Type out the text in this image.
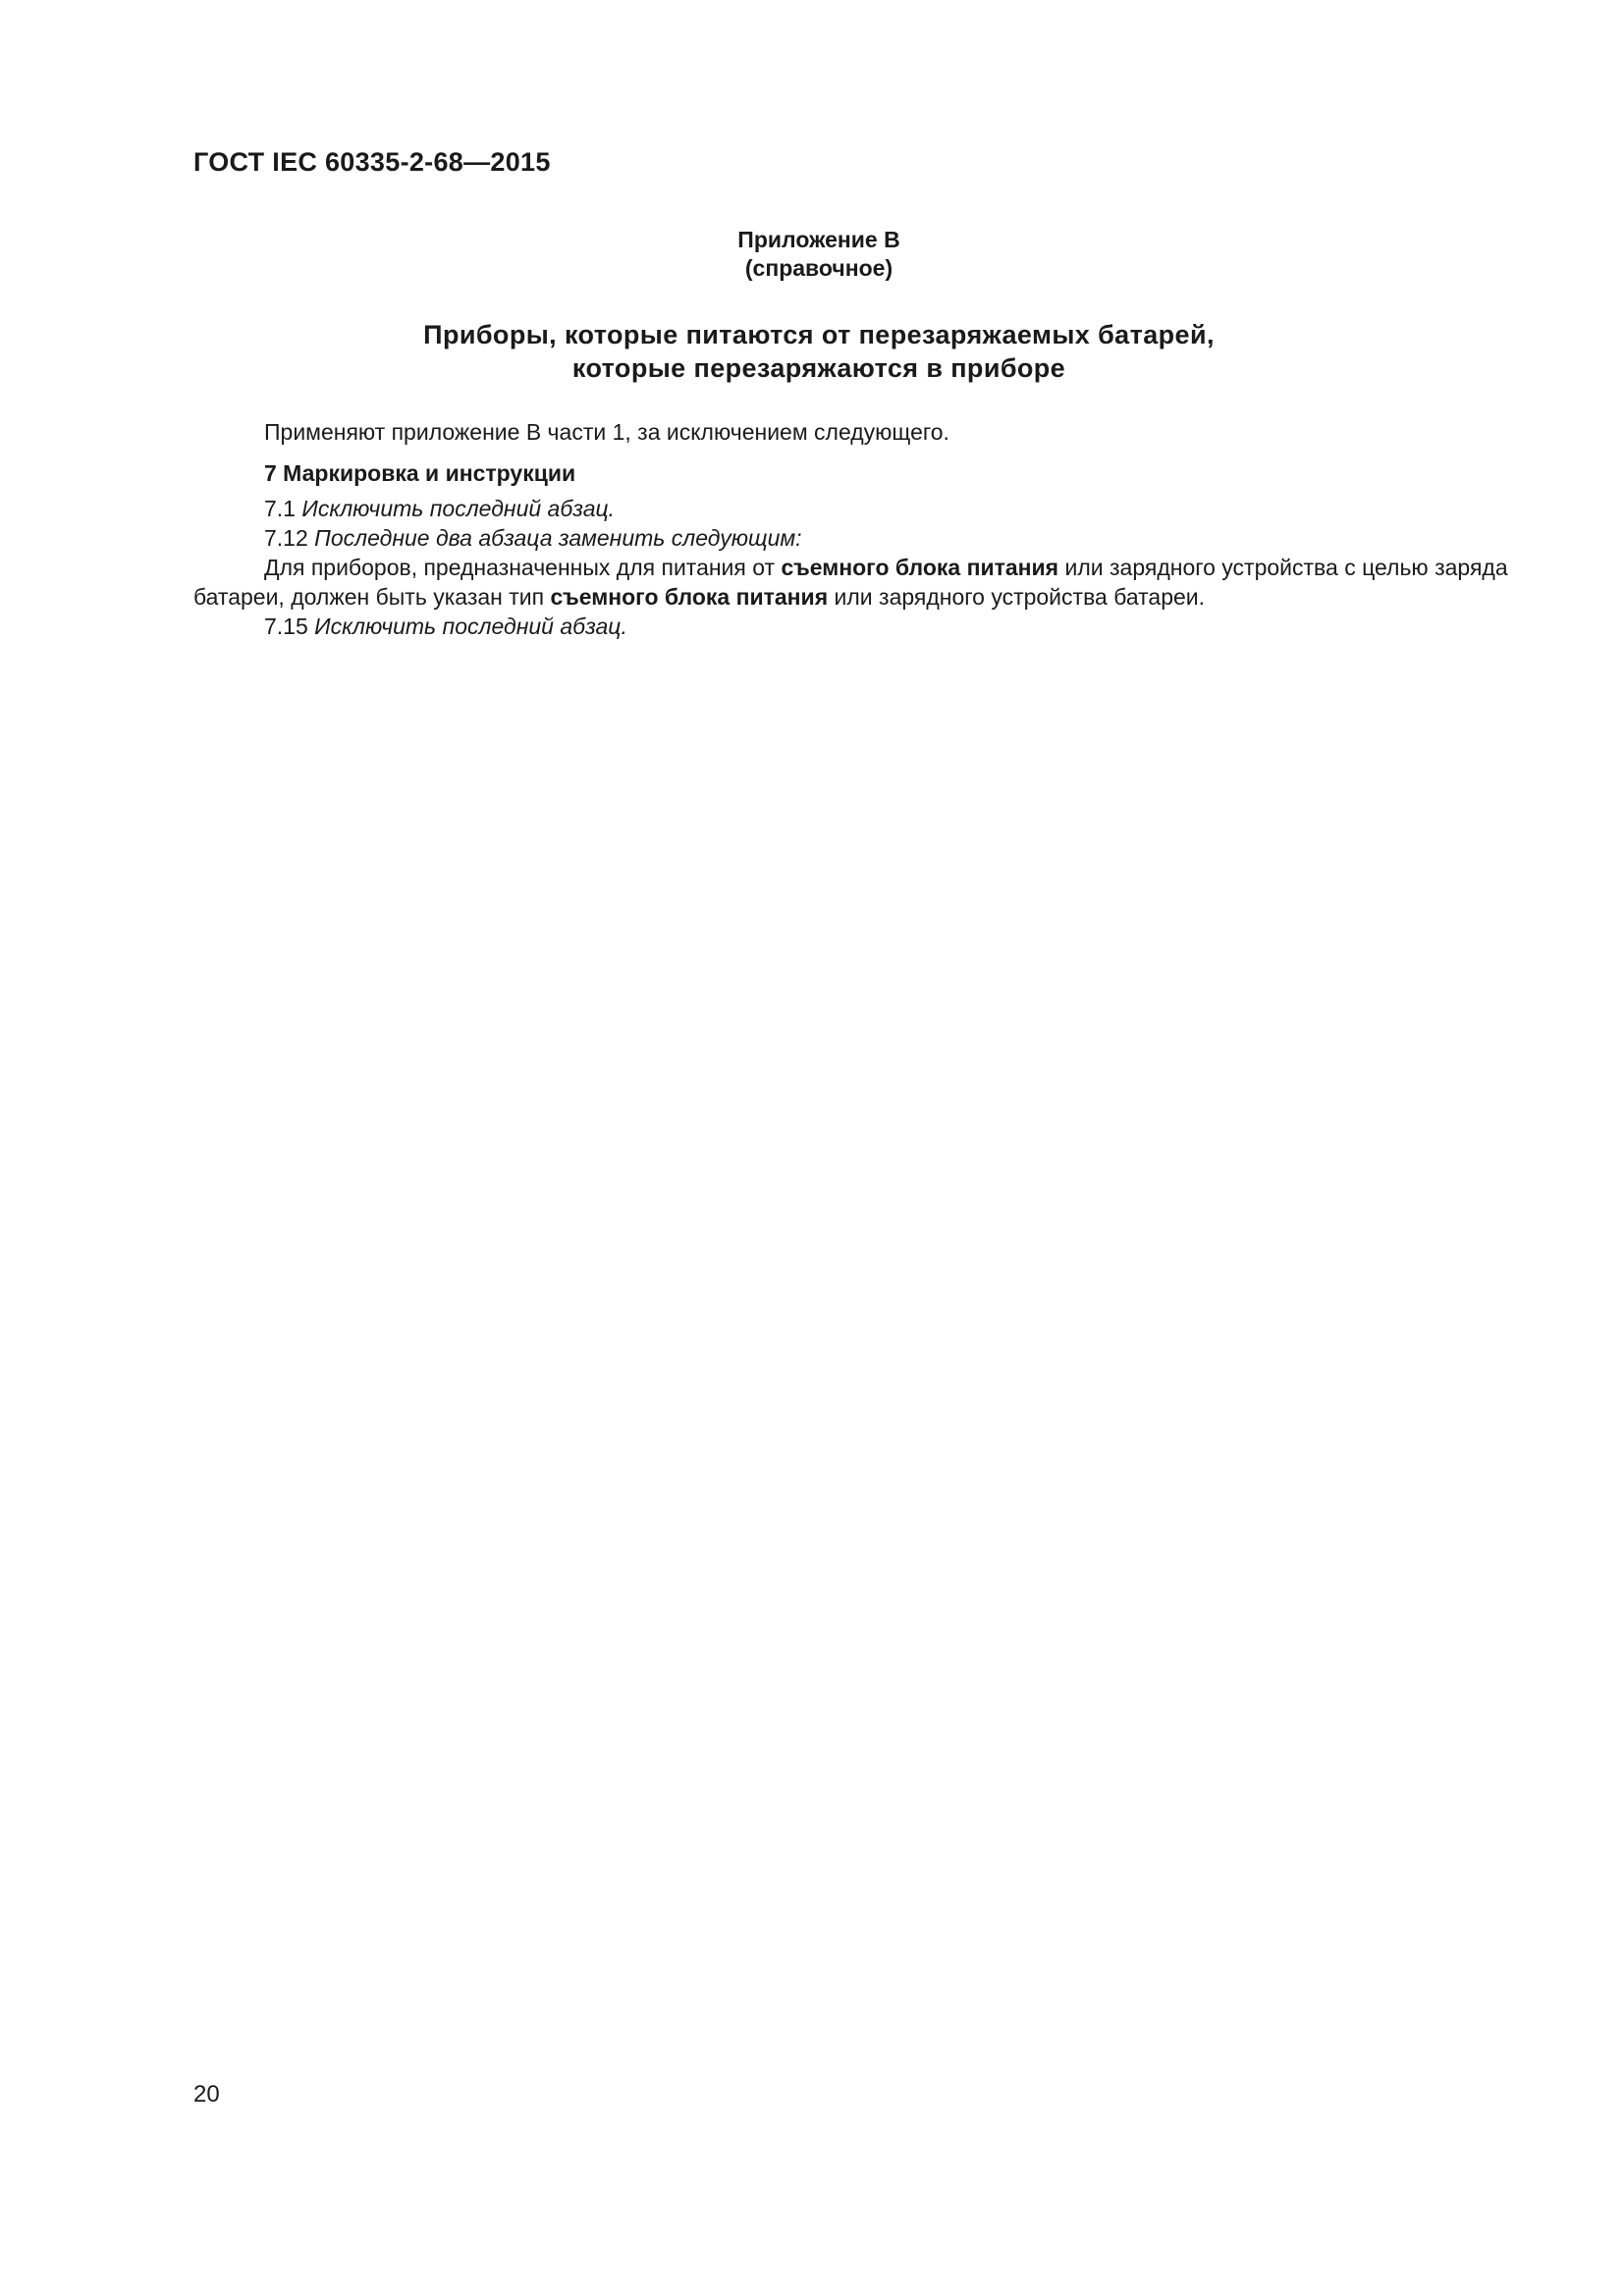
ГОСТ IEC 60335-2-68—2015

Приложение В
(справочное)
Приборы, которые питаются от перезаряжаемых батарей,
которые перезаряжаются в приборе

Применяют приложение В части 1, за исключением следующего.

7 Маркировка и инструкции

7.1 Исключить последний абзац.

7.12 Последние два абзаца заменить следующим:

Для приборов, предназначенных для питания от съемного блока питания или зарядного устройства с целью заряда батареи, должен быть указан тип съемного блока питания или зарядного устройства батареи.

7.15 Исключить последний абзац.

20
